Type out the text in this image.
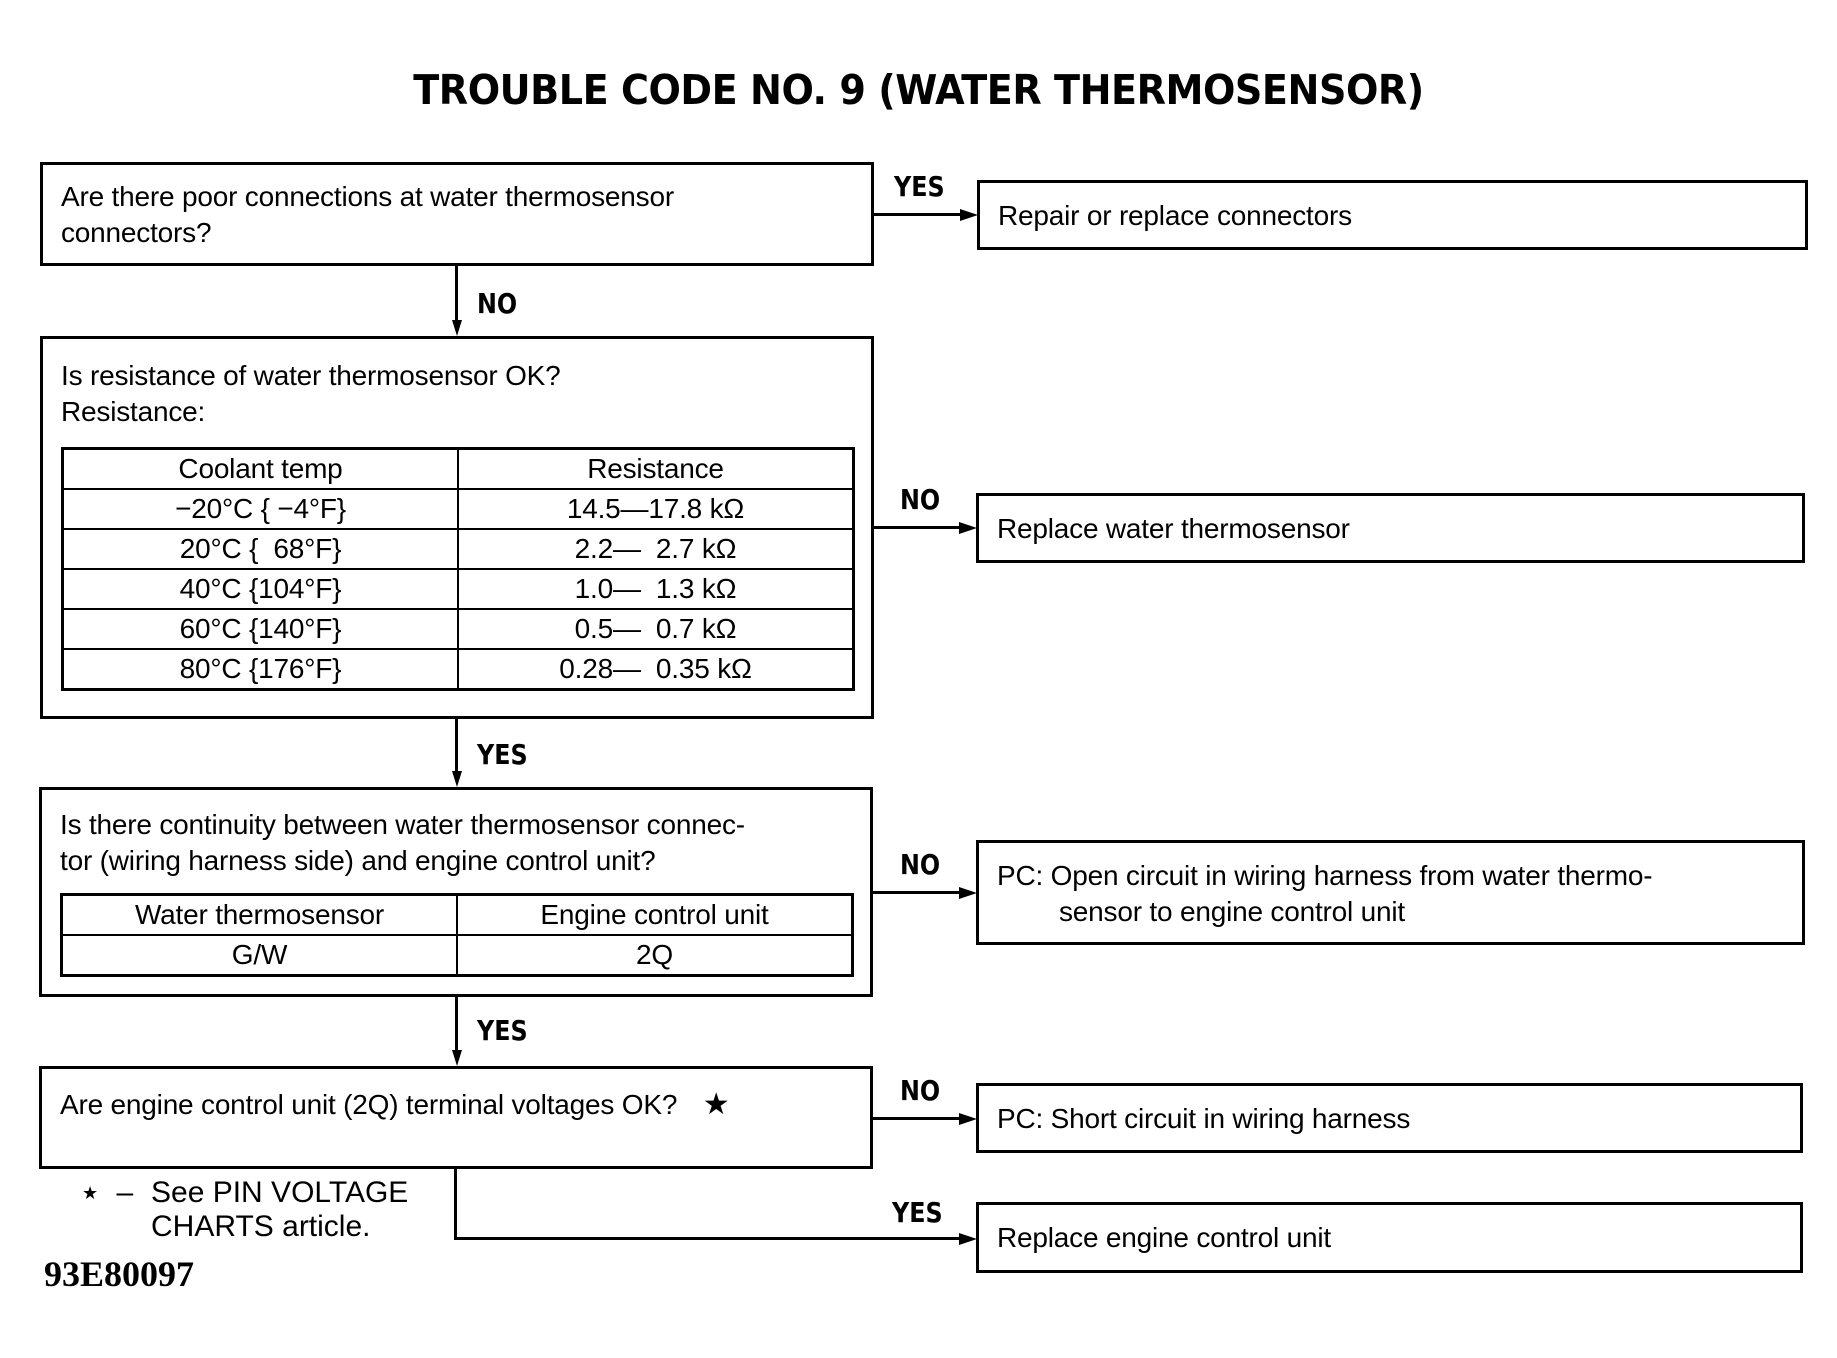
TROUBLE CODE NO. 9 (WATER THERMOSENSOR)
Are there poor connections at water thermosensor
connectors?
YES
Repair or replace connectors
NO
Is resistance of water thermosensor OK?
Resistance:
Coolant temp	Resistance
−20°C { −4°F}	14.5—17.8 kΩ
20°C {  68°F}	2.2—  2.7 kΩ
40°C {104°F}	1.0—  1.3 kΩ
60°C {140°F}	0.5—  0.7 kΩ
80°C {176°F}	0.28—  0.35 kΩ
NO
Replace water thermosensor
YES
Is there continuity between water thermosensor connec-
tor (wiring harness side) and engine control unit?
Water thermosensor	Engine control unit
G/W	2Q
NO PC: Open circuit in wiring harness from water thermo-
sensor to engine control unit
YES
Are engine control unit (2Q) terminal voltages OK? ★	NO
PC: Short circuit in wiring harness
YES
Replace engine control unit
★ – See PIN VOLTAGE
CHARTS article.
93E80097
